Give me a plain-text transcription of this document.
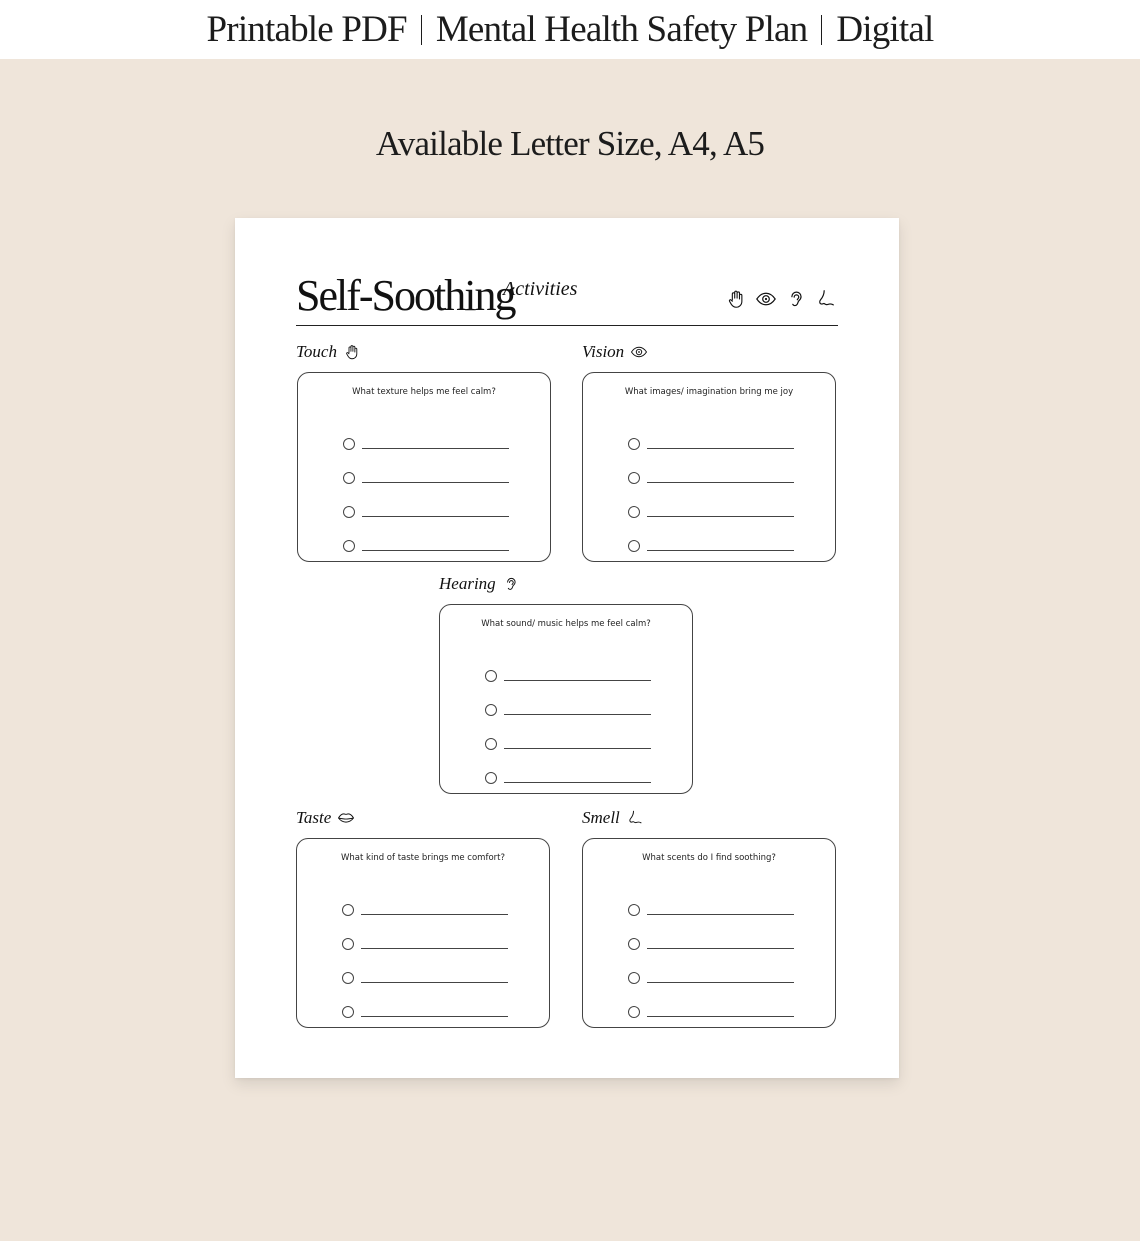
Printable PDF Mental Health Safety Plan Digital
Available Letter Size, A4, A5
Self-Soothing
Activities
Touch
What texture helps me feel calm?
Vision
What images/ imagination bring me joy
Hearing
What sound/ music helps me feel calm?
Taste
What kind of taste brings me comfort?
Smell
What scents do I find soothing?
